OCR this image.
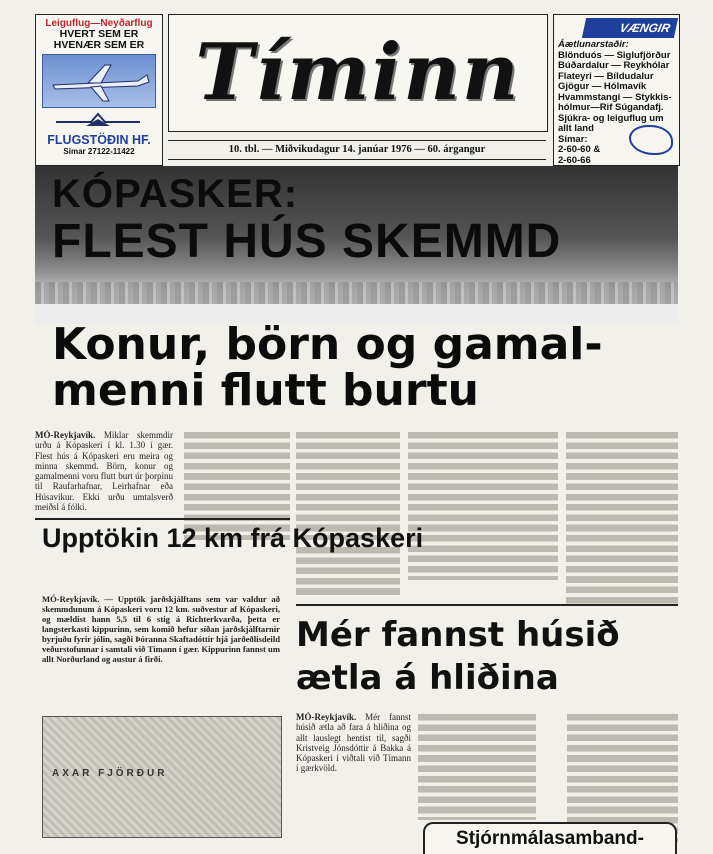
Leiguflug—Neyðarflug
HVERT SEM ER
HVENÆR SEM ER
FLUGSTÖÐIN HF.
Simar 27122-11422
Tíminn
10. tbl. — Miðvikudagur 14. janúar 1976 — 60. árgangur
VÆNGIR
Áætlunarstaðir:
Blönduós — Siglufjörður
Búðardalur — Reykhólar
Flateyri — Bíldudalur
Gjögur — Hólmavík
Hvammstangi — Stykkis-
hólmur—Rif Súgandafj.
Sjúkra- og leiguflug um
allt land
Símar:
2-60-60 &
2-60-66
KÓPASKER:
FLEST HÚS SKEMMD
Konur, börn og gamal-menni flutt burtu
MÓ-Reykjavík. Miklar skemmdir urðu á Kópaskeri í kl. 1.30 í gær. Flest hús á Kópaskeri eru meira og minna skemmd. Börn, konur og gamalmenni voru flutt burt úr þorpinu til Raufarhafnar, Leirhafnar eða Húsavíkur. Ekki urðu umtalsverð meiðsl á fólki.
Upptökin 12 km frá Kópaskeri
MÓ-Reykjavík. — Upptök jarðskjálftans sem var valdur að skemmdunum á Kópaskeri voru 12 km. suðvestur af Kópaskeri, og mældist hann 5,5 til 6 stig á Richterkvarða, þetta er langsterkasti kippurinn, sem komið hefur síðan jarðskjálftarnir byrjuðu fyrir jólin, sagði Þóranna Skaftadóttir hjá jarðeðlisdeild veðurstofunnar í samtali við Tímann í gær. Kippurinn fannst um allt Norðurland og austur á firði.
AXAR FJÖRÐUR
Mér fannst húsið ætla á hliðina
MÓ-Reykjavík. Mér fannst húsið ætla að fara á hliðina og allt lauslegt hentist til, sagði Kristveig Jónsdóttir á Bakka á Kópaskeri í viðtali við Tímann í gærkvöld.
Stjórnmálasamband-
